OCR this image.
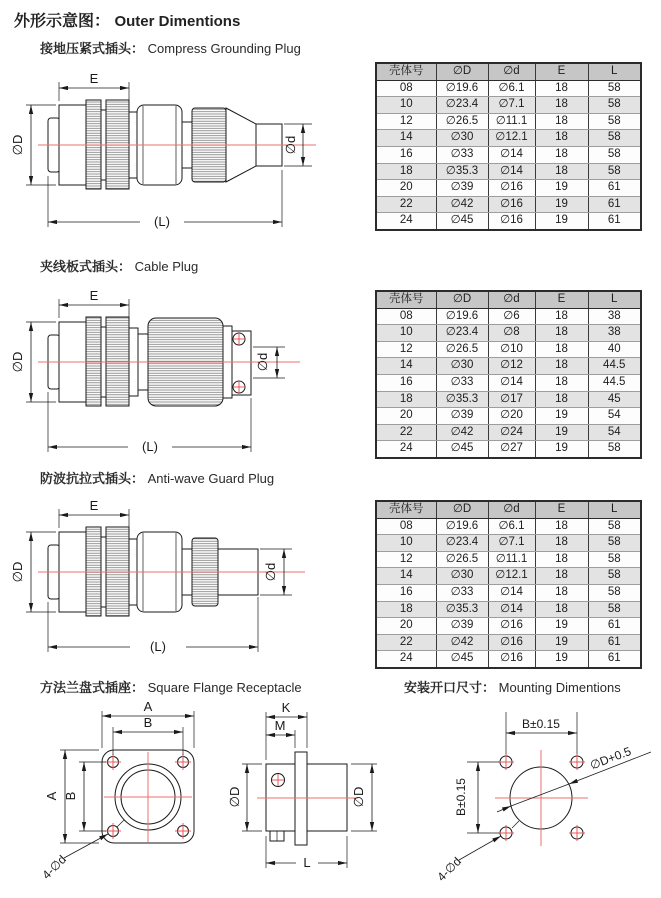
E
∅D	∅d
(L)
E
∅D	∅d
(L)
E
∅D	∅d
(L)
A
B
A B
4-∅d
K
M
∅D	∅D
L
B±0.15
B±0.15
∅D+0.5
4-∅d
外形示意图： Outer Dimentions
接地压紧式插头： Compress Grounding Plug
夹线板式插头： Cable Plug
防波抗拉式插头： Anti-wave Guard Plug
方法兰盘式插座： Square Flange Receptacle	安装开口尺寸： Mounting Dimentions
壳体号	∅D	∅d	E	L
08	∅19.6	∅6.1	18	58
10	∅23.4	∅7.1	18	58
12	∅26.5	∅11.1	18	58
14	∅30	∅12.1	18	58
16	∅33	∅14	18	58
18	∅35.3	∅14	18	58
20	∅39	∅16	19	61
22	∅42	∅16	19	61
24	∅45	∅16	19	61
壳体号	∅D	∅d	E	L
08	∅19.6	∅6	18	38
10	∅23.4	∅8	18	38
12	∅26.5	∅10	18	40
14	∅30	∅12	18	44.5
16	∅33	∅14	18	44.5
18	∅35.3	∅17	18	45
20	∅39	∅20	19	54
22	∅42	∅24	19	54
24	∅45	∅27	19	58
壳体号	∅D	∅d	E	L
08	∅19.6	∅6.1	18	58
10	∅23.4	∅7.1	18	58
12	∅26.5	∅11.1	18	58
14	∅30	∅12.1	18	58
16	∅33	∅14	18	58
18	∅35.3	∅14	18	58
20	∅39	∅16	19	61
22	∅42	∅16	19	61
24	∅45	∅16	19	61
